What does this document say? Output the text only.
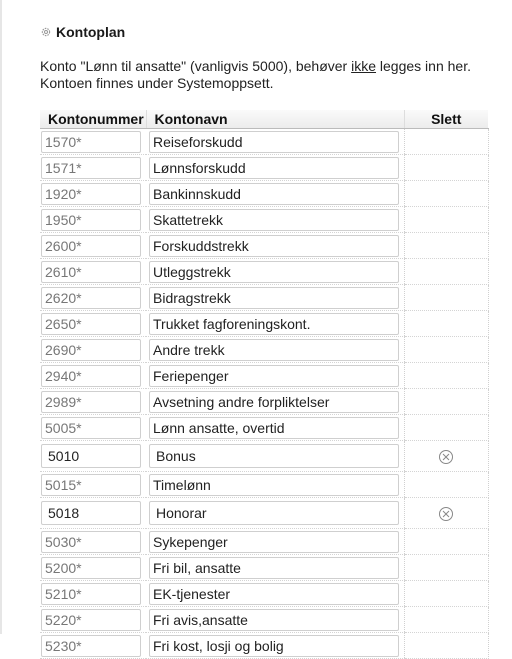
Kontoplan
Konto "Lønn til ansatte" (vanligvis 5000), behøver ikke legges inn her. Kontoen finnes under Systemoppsett.
Kontonummer	Kontonavn	Slett

1570*	Reiseforskudd	

1571*	Lønnsforskudd	

1920*	Bankinnskudd	

1950*	Skattetrekk	

2600*	Forskuddstrekk	

2610*	Utleggstrekk	

2620*	Bidragstrekk	

2650*	Trukket fagforeningskont.	

2690*	Andre trekk	

2940*	Feriepenger	

2989*	Avsetning andre forpliktelser	

5005*	Lønn ansatte, overtid	

5010	Bonus

5015*	Timelønn	

5018	Honorar

5030*	Sykepenger	

5200*	Fri bil, ansatte	

5210*	EK-tjenester	

5220*	Fri avis,ansatte	

5230*	Fri kost, losji og bolig	
